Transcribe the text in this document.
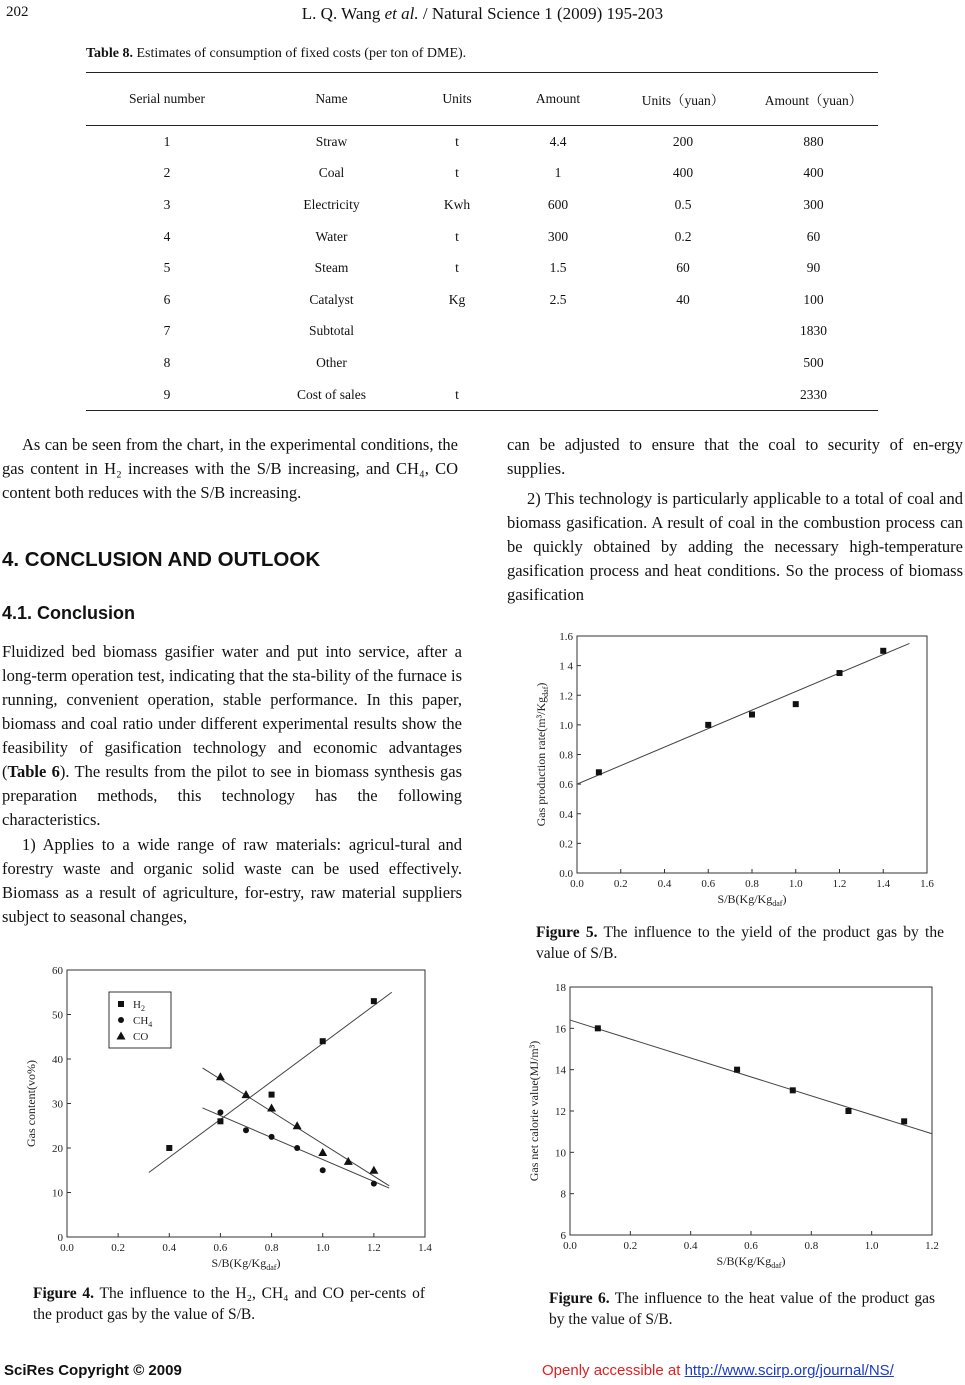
202	L. Q. Wang et al. / Natural Science 1 (2009) 195-203
Table 8. Estimates of consumption of fixed costs (per ton of DME).
Serial number	Name	Units	Amount	Units（yuan）	Amount（yuan）
1	Straw	t	4.4	200	880
2	Coal	t	1	400	400
3	Electricity	Kwh	600	0.5	300
4	Water	t	300	0.2	60
5	Steam	t	1.5	60	90
6	Catalyst	Kg	2.5	40	100
7	Subtotal				1830
8	Other				500
9	Cost of sales	t			2330

As can be seen from the chart, in the experimental conditions, the gas content in H₂ increases with the S/B increasing, and CH₄, CO content both reduces with the S/B increasing.

4. CONCLUSION AND OUTLOOK
4.1. Conclusion

Fluidized bed biomass gasifier water and put into service, after a long-term operation test, indicating that the sta-bility of the furnace is running, convenient operation, stable performance. In this paper, biomass and coal ratio under different experimental results show the feasibility of gasification technology and economic advantages (Table 6). The results from the pilot to see in biomass synthesis gas preparation methods, this technology has the following characteristics.

1) Applies to a wide range of raw materials: agricul-tural and forestry waste and organic solid waste can be used effectively. Biomass as a result of agriculture, for-estry, raw material suppliers subject to seasonal changes,

can be adjusted to ensure that the coal to security of en-ergy supplies.

2) This technology is particularly applicable to a total of coal and biomass gasification. A result of coal in the combustion process can be quickly obtained by adding the necessary high-temperature gasification process and heat conditions. So the process of biomass gasification

0.0	0.2	0.4	0.6	0.8	1.0	1.2	1.4
0
10
20
30
40
50
60
$S/B(Kg/Kg_{daf})$
Gas content(vo%)
$H_2$
$CH_4$
CO
Figure 4. The influence to the H₂, CH₄ and CO per-cents of the product gas by the value of S/B.
0.0	0.2	0.4	0.6	0.8	1.0	1.2	1.4	1.6
0.0
0.2
0.4
0.6
0.8
1.0
1.2
1 4
1.6
$S/B(Kg/Kg_{daf})$
Gas production $rate(m^3/Kg_{daf})$
Figure 5. The influence to the yield of the product gas by the value of S/B.
0.0	0.2	0.4	0.6	0.8	1.0	1.2
6
8
10
12
14
16
18
$S/B(Kg/Kg_{daf})$
Gas net calorie value(MJ/m³)
Figure 6. The influence to the heat value of the product gas by the value of S/B.
SciRes Copyright © 2009	Openly accessible at http://www.scirp.org/journal/NS/
